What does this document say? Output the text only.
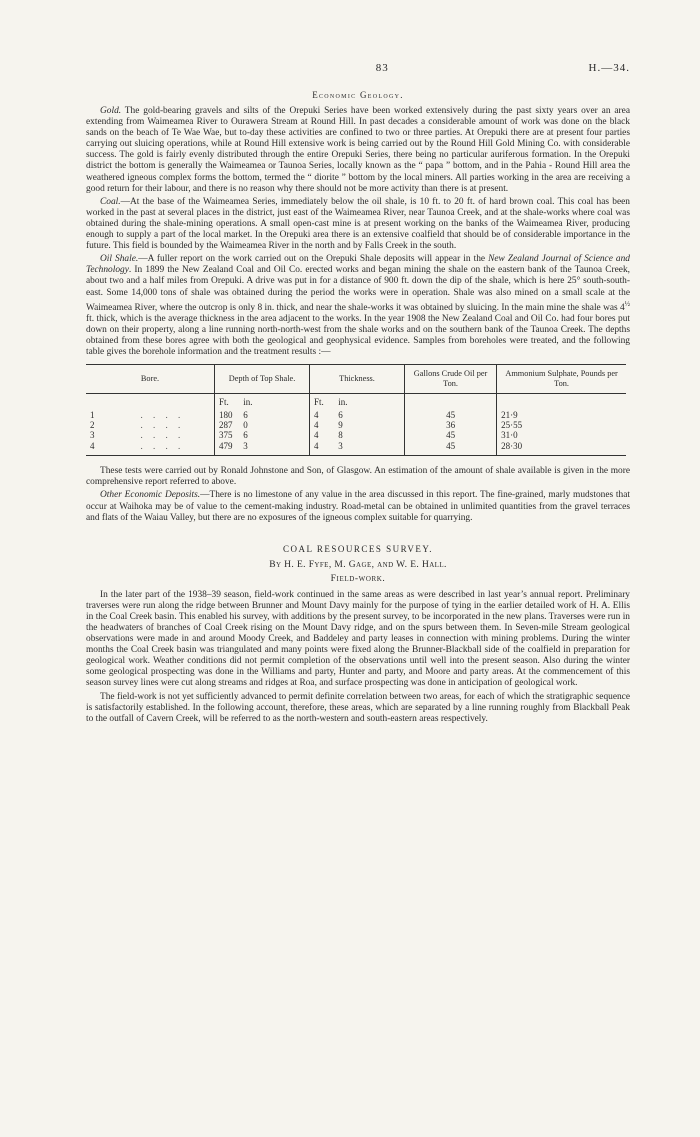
83	H.—34.
Economic Geology.

Gold. The gold-bearing gravels and silts of the Orepuki Series have been worked extensively during the past sixty years over an area extending from Waimeamea River to Ourawera Stream at Round Hill. In past decades a considerable amount of work was done on the black sands on the beach of Te Wae Wae, but to-day these activities are confined to two or three parties. At Orepuki there are at present four parties carrying out sluicing operations, while at Round Hill extensive work is being carried out by the Round Hill Gold Mining Co. with considerable success. The gold is fairly evenly distributed through the entire Orepuki Series, there being no particular auriferous formation. In the Orepuki district the bottom is generally the Waimeamea or Taunoa Series, locally known as the “ papa ” bottom, and in the Pahia - Round Hill area the weathered igneous complex forms the bottom, termed the “ diorite ” bottom by the local miners. All parties working in the area are receiving a good return for their labour, and there is no reason why there should not be more activity than there is at present.

Coal.—At the base of the Waimeamea Series, immediately below the oil shale, is 10 ft. to 20 ft. of hard brown coal. This coal has been worked in the past at several places in the district, just east of the Waimeamea River, near Taunoa Creek, and at the shale-works where coal was obtained during the shale-mining operations. A small open-cast mine is at present working on the banks of the Waimeamea River, producing enough to supply a part of the local market. In the Orepuki area there is an extensive coalfield that should be of considerable importance in the future. This field is bounded by the Waimeamea River in the north and by Falls Creek in the south.

Oil Shale.—A fuller report on the work carried out on the Orepuki Shale deposits will appear in the New Zealand Journal of Science and Technology. In 1899 the New Zealand Coal and Oil Co. erected works and began mining the shale on the eastern bank of the Taunoa Creek, about two and a half miles from Orepuki. A drive was put in for a distance of 900 ft. down the dip of the shale, which is here 25° south-south-east. Some 14,000 tons of shale was obtained during the period the works were in operation. Shale was also mined on a small scale at the Waimeamea River, where the outcrop is only 8 in. thick, and near the shale-works it was obtained by sluicing. In the main mine the shale was $4^{\frac{1}{2}}$ ft. thick, which is the average thickness in the area adjacent to the works. In the year 1908 the New Zealand Coal and Oil Co. had four bores put down on their property, along a line running north-north-west from the shale works and on the southern bank of the Taunoa Creek. The depths obtained from these bores agree with both the geological and geophysical evidence. Samples from boreholes were treated, and the following table gives the borehole information and the treatment results :—

Bore.	Depth of Top Shale.	Thickness.	Gallons Crude Oil per Ton.	Ammonium Sulphate, Pounds per Ton.
	Ft. in.	Ft. in.		
1 . . . .	180 6	4 6	45	21·9
2 . . . .	287 0	4 9	36	25·55
3 . . . .	375 6	4 8	45	31·0
4 . . . .	479 3	4 3	45	28·30

These tests were carried out by Ronald Johnstone and Son, of Glasgow. An estimation of the amount of shale available is given in the more comprehensive report referred to above.

Other Economic Deposits.—There is no limestone of any value in the area discussed in this report. The fine-grained, marly mudstones that occur at Waihoka may be of value to the cement-making industry. Road-metal can be obtained in unlimited quantities from the gravel terraces and flats of the Waiau Valley, but there are no exposures of the igneous complex suitable for quarrying.

COAL RESOURCES SURVEY.
By H. E. Fyfe, M. Gage, and W. E. Hall.
Field-work.

In the later part of the 1938–39 season, field-work continued in the same areas as were described in last year’s annual report. Preliminary traverses were run along the ridge between Brunner and Mount Davy mainly for the purpose of tying in the earlier detailed work of H. A. Ellis in the Coal Creek basin. This enabled his survey, with additions by the present survey, to be incorporated in the new plans. Traverses were run in the headwaters of branches of Coal Creek rising on the Mount Davy ridge, and on the spurs between them. In Seven-mile Stream geological observations were made in and around Moody Creek, and Baddeley and party leases in connection with mining problems. During the winter months the Coal Creek basin was triangulated and many points were fixed along the Brunner-Blackball side of the coalfield in preparation for geological work. Weather conditions did not permit completion of the observations until well into the present season. Also during the winter some geological prospecting was done in the Williams and party, Hunter and party, and Moore and party areas. At the commencement of this season survey lines were cut along streams and ridges at Roa, and surface prospecting was done in anticipation of geological work.

The field-work is not yet sufficiently advanced to permit definite correlation between two areas, for each of which the stratigraphic sequence is satisfactorily established. In the following account, therefore, these areas, which are separated by a line running roughly from Blackball Peak to the outfall of Cavern Creek, will be referred to as the north-western and south-eastern areas respectively.
